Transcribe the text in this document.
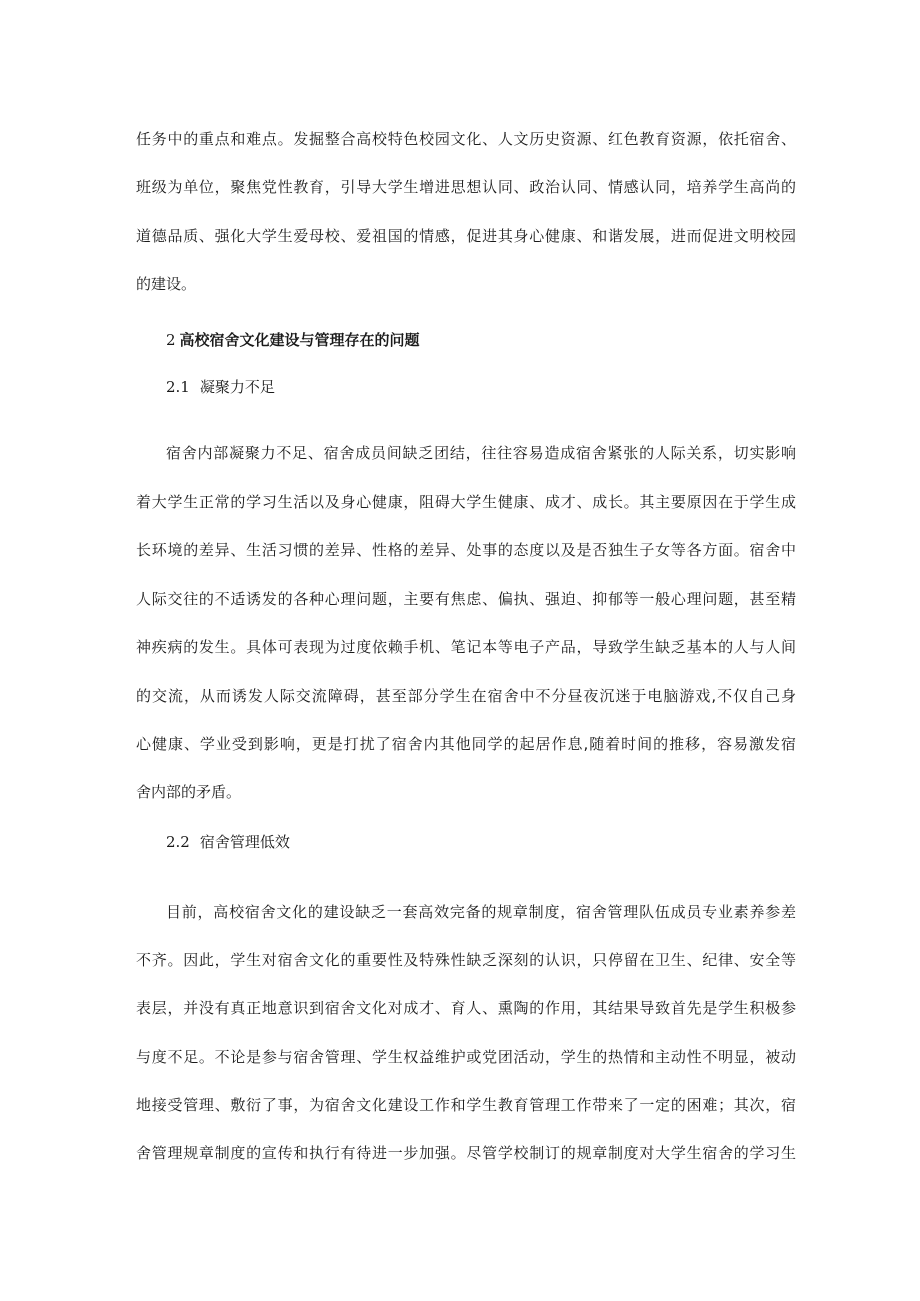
任务中的重点和难点。发掘整合高校特色校园文化、人文历史资源、红色教育资源，依托宿舍、
班级为单位，聚焦党性教育，引导大学生增进思想认同、政治认同、情感认同，培养学生高尚的
道德品质、强化大学生爱母校、爱祖国的情感，促进其身心健康、和谐发展，进而促进文明校园
的建设。
2 高校宿舍文化建设与管理存在的问题
2.1 凝聚力不足
宿舍内部凝聚力不足、宿舍成员间缺乏团结，往往容易造成宿舍紧张的人际关系，切实影响
着大学生正常的学习生活以及身心健康，阻碍大学生健康、成才、成长。其主要原因在于学生成
长环境的差异、生活习惯的差异、性格的差异、处事的态度以及是否独生子女等各方面。宿舍中
人际交往的不适诱发的各种心理问题，主要有焦虑、偏执、强迫、抑郁等一般心理问题，甚至精
神疾病的发生。具体可表现为过度依赖手机、笔记本等电子产品，导致学生缺乏基本的人与人间
的交流，从而诱发人际交流障碍，甚至部分学生在宿舍中不分昼夜沉迷于电脑游戏,不仅自己身
心健康、学业受到影响，更是打扰了宿舍内其他同学的起居作息,随着时间的推移，容易激发宿
舍内部的矛盾。
2.2 宿舍管理低效
目前，高校宿舍文化的建设缺乏一套高效完备的规章制度，宿舍管理队伍成员专业素养参差
不齐。因此，学生对宿舍文化的重要性及特殊性缺乏深刻的认识，只停留在卫生、纪律、安全等
表层，并没有真正地意识到宿舍文化对成才、育人、熏陶的作用，其结果导致首先是学生积极参
与度不足。不论是参与宿舍管理、学生权益维护或党团活动，学生的热情和主动性不明显，被动
地接受管理、敷衍了事，为宿舍文化建设工作和学生教育管理工作带来了一定的困难；其次，宿
舍管理规章制度的宣传和执行有待进一步加强。尽管学校制订的规章制度对大学生宿舍的学习生
